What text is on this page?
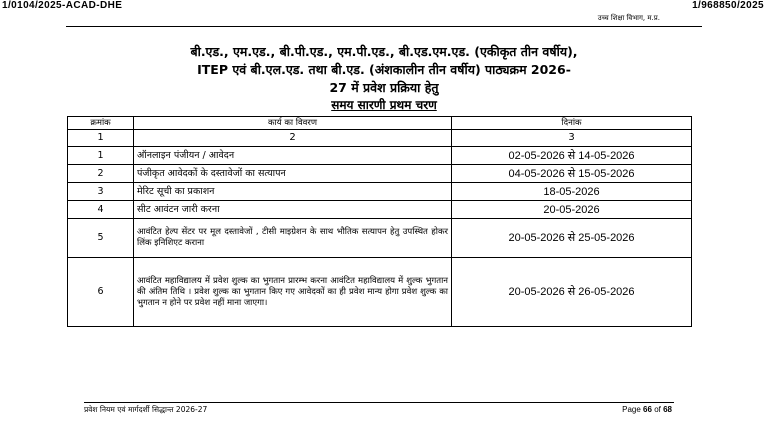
1/0104/2025-ACAD-DHE	1/968850/2025
उच्च शिक्षा विभाग, म.प्र.
बी.एड., एम.एड., बी.पी.एड., एम.पी.एड., बी.एड.एम.एड. (एकीकृत तीन वर्षीय),
ITEP एवं बी.एल.एड. तथा बी.एड. (अंशकालीन तीन वर्षीय) पाठ्यक्रम 2026-
27 में प्रवेश प्रक्रिया हेतु
समय सारणी प्रथम चरण
क्रमांक	कार्य का विवरण	दिनांक
1	2	3
1	ऑनलाइन पंजीयन / आवेदन	02-05-2026 से 14-05-2026
2	पंजीकृत आवेदकों के दस्तावेजों का सत्यापन	04-05-2026 से 15-05-2026
3	मेरिट सूची का प्रकाशन	18-05-2026
4	सीट आवंटन जारी करना	20-05-2026
5	आवंटित हेल्प सेंटर पर मूल दस्तावेजों , टीसी माइग्रेशन के साथ भौतिक सत्यापन हेतु उपस्थित होकर लिंक इनिशिएट कराना	20-05-2026 से 25-05-2026
6	आवंटित महाविद्यालय में प्रवेश शुल्क का भुगतान प्रारम्भ करना आवंटित महाविद्यालय में शुल्क भुगतान की अंतिम तिथि । प्रवेश शुल्क का भुगतान किए गए आवेदकों का ही प्रवेश मान्य होगा प्रवेश शुल्क का भुगतान न होने पर प्रवेश नहीं माना जाएगा।	20-05-2026 से 26-05-2026
प्रवेश नियम एवं मार्गदर्शी सिद्धान्त 2026-27	Page 66 of 68
